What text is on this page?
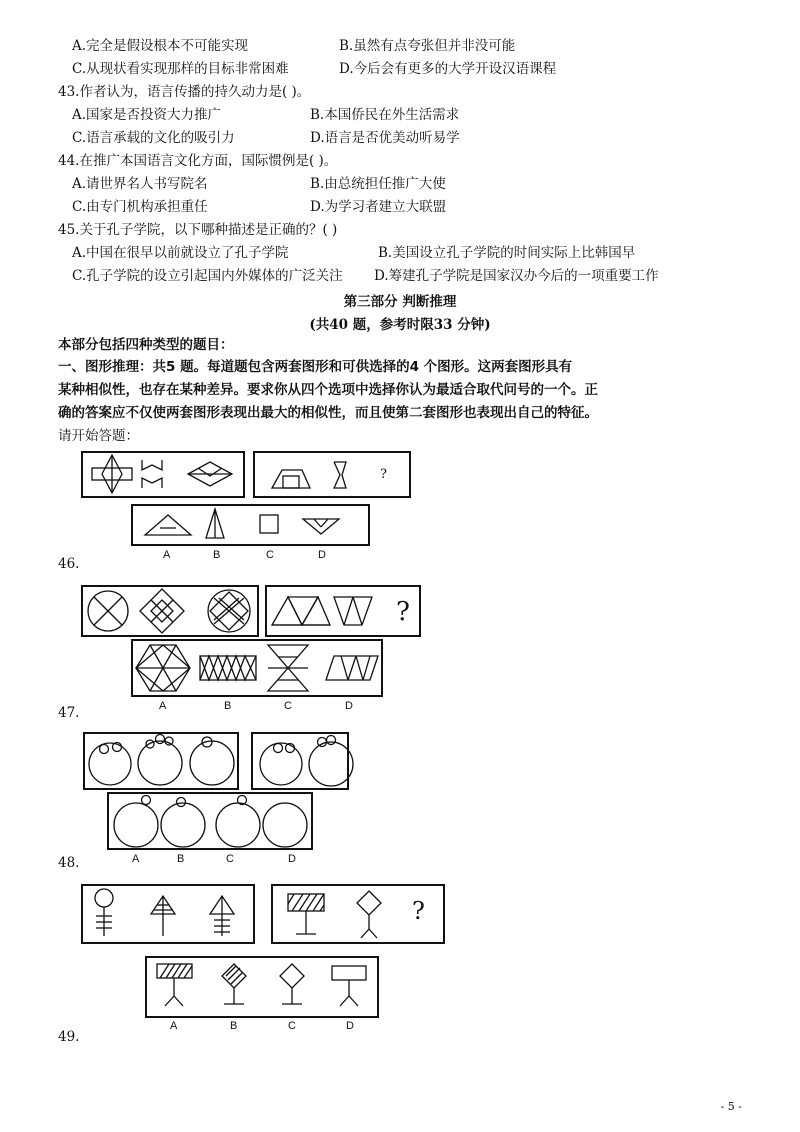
A.完全是假设根本不可能实现	B.虽然有点夸张但并非没可能
C.从现状看实现那样的目标非常困难	D.今后会有更多的大学开设汉语课程
43.作者认为，语言传播的持久动力是( )。
A.国家是否投资大力推广	B.本国侨民在外生活需求
C.语言承载的文化的吸引力	D.语言是否优美动听易学
44.在推广本国语言文化方面，国际惯例是( )。
A.请世界名人书写院名	B.由总统担任推广大使
C.由专门机构承担重任	D.为学习者建立大联盟
45.关于孔子学院，以下哪种描述是正确的？( )
A.中国在很早以前就设立了孔子学院	B.美国设立孔子学院的时间实际上比韩国早
C.孔子学院的设立引起国内外媒体的广泛关注 D.筹建孔子学院是国家汉办今后的一项重要工作
第三部分 判断推理
(共40 题，参考时限33 分钟)
本部分包括四种类型的题目：
一、图形推理：共5 题。每道题包含两套图形和可供选择的4 个图形。这两套图形具有
某种相似性，也存在某种差异。要求你从四个选项中选择你认为最适合取代问号的一个。正
确的答案应不仅使两套图形表现出最大的相似性，而且使第二套图形也表现出自己的特征。
请开始答题：
?
?
?
A	B	C	D
A	B	C	D
A	B	C	D
A	B	C	D
46.
47.
48.
49.
- 5 -
